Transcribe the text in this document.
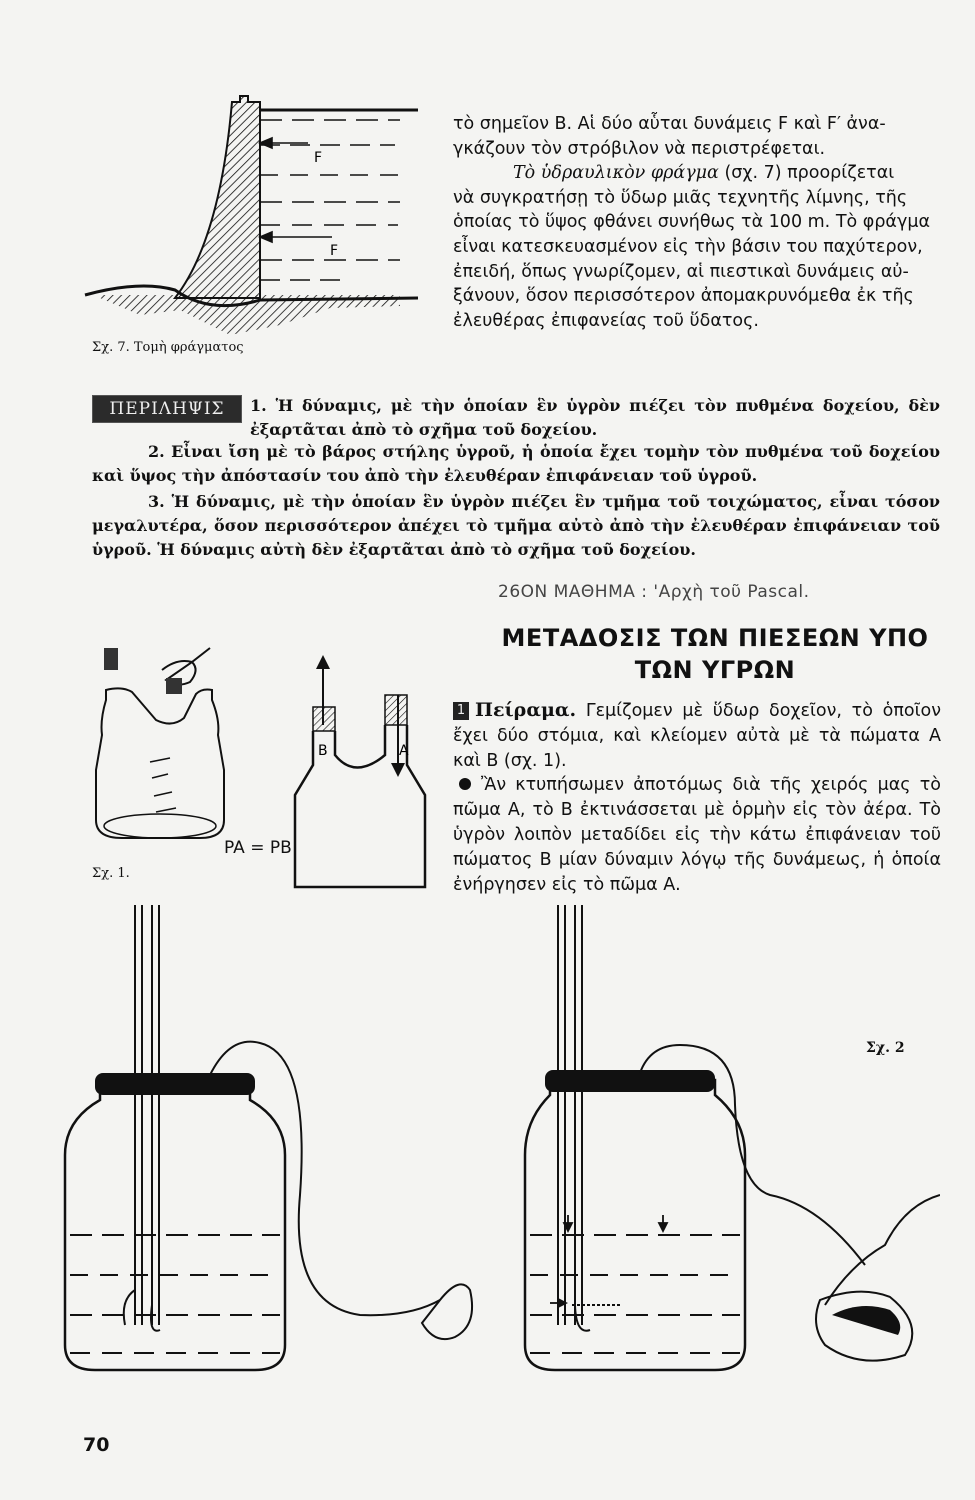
F
F
Σχ. 7. Τομὴ φράγματος
τὸ σημεῖον Β. Αἱ δύο αὗται δυνάμεις F καὶ F′ ἀνα-
γκάζουν τὸν στρόβιλον νὰ περιστρέφεται.
Τὸ ὑδραυλικὸν φράγμα (σχ. 7) προορίζεται
νὰ συγκρατήσῃ τὸ ὕδωρ μιᾶς τεχνητῆς λίμνης, τῆς
ὁποίας τὸ ὕψος φθάνει συνήθως τὰ 100 m. Τὸ φράγμα
εἶναι κατεσκευασμένον εἰς τὴν βάσιν του παχύτερον,
ἐπειδή, ὅπως γνωρίζομεν, αἱ πιεστικαὶ δυνάμεις αὐ-
ξάνουν, ὅσον περισσότερον ἀπομακρυνόμεθα ἐκ τῆς
ἐλευθέρας ἐπιφανείας τοῦ ὕδατος.
ΠΕΡΙΛΗΨΙΣ	1. Ἡ δύναμις, μὲ τὴν ὁποίαν ἓν ὑγρὸν πιέζει τὸν πυθμένα δοχείου, δὲν ἐξαρτᾶται ἀπὸ τὸ σχῆμα τοῦ δοχείου.
2. Εἶναι ἴση μὲ τὸ βάρος στήλης ὑγροῦ, ἡ ὁποία ἔχει τομὴν τὸν πυθμένα τοῦ δοχείου καὶ ὕψος τὴν ἀπόστασίν του ἀπὸ τὴν ἐλευθέραν ἐπιφάνειαν τοῦ ὑγροῦ.
3. Ἡ δύναμις, μὲ τὴν ὁποίαν ἓν ὑγρὸν πιέζει ἓν τμῆμα τοῦ τοιχώματος, εἶναι τόσον μεγαλυτέρα, ὅσον περισσότερον ἀπέχει τὸ τμῆμα αὐτὸ ἀπὸ τὴν ἐλευθέραν ἐπιφάνειαν τοῦ ὑγροῦ. Ἡ δύναμις αὐτὴ δὲν ἐξαρτᾶται ἀπὸ τὸ σχῆμα τοῦ δοχείου.
26ON ΜΑΘΗΜΑ : 'Αρχὴ τοῦ Pascal.
ΜΕΤΑΔΟΣΙΣ ΤΩΝ ΠΙΕΣΕΩΝ ΥΠΟ
ΤΩΝ ΥΓΡΩΝ
1 Πείραμα. Γεμίζομεν μὲ ὕδωρ δοχεῖον, τὸ ὁποῖον ἔχει δύο στόμια, καὶ κλείομεν αὐτὰ μὲ τὰ πώματα Α καὶ Β (σχ. 1).
Ἂν κτυπήσωμεν ἀποτόμως διὰ τῆς χειρός μας τὸ πῶμα Α, τὸ Β ἐκτινάσσεται μὲ ὁρμὴν εἰς τὸν ἀέρα. Τὸ ὑγρὸν λοιπὸν μεταδίδει εἰς τὴν κάτω ἐπιφάνειαν τοῦ πώματος Β μίαν δύναμιν λόγῳ τῆς δυνάμεως, ἡ ὁποία ἐνήργησεν εἰς τὸ πῶμα Α.
Σχ. 1.
B	A
PA = PB
Σχ. 2
70
